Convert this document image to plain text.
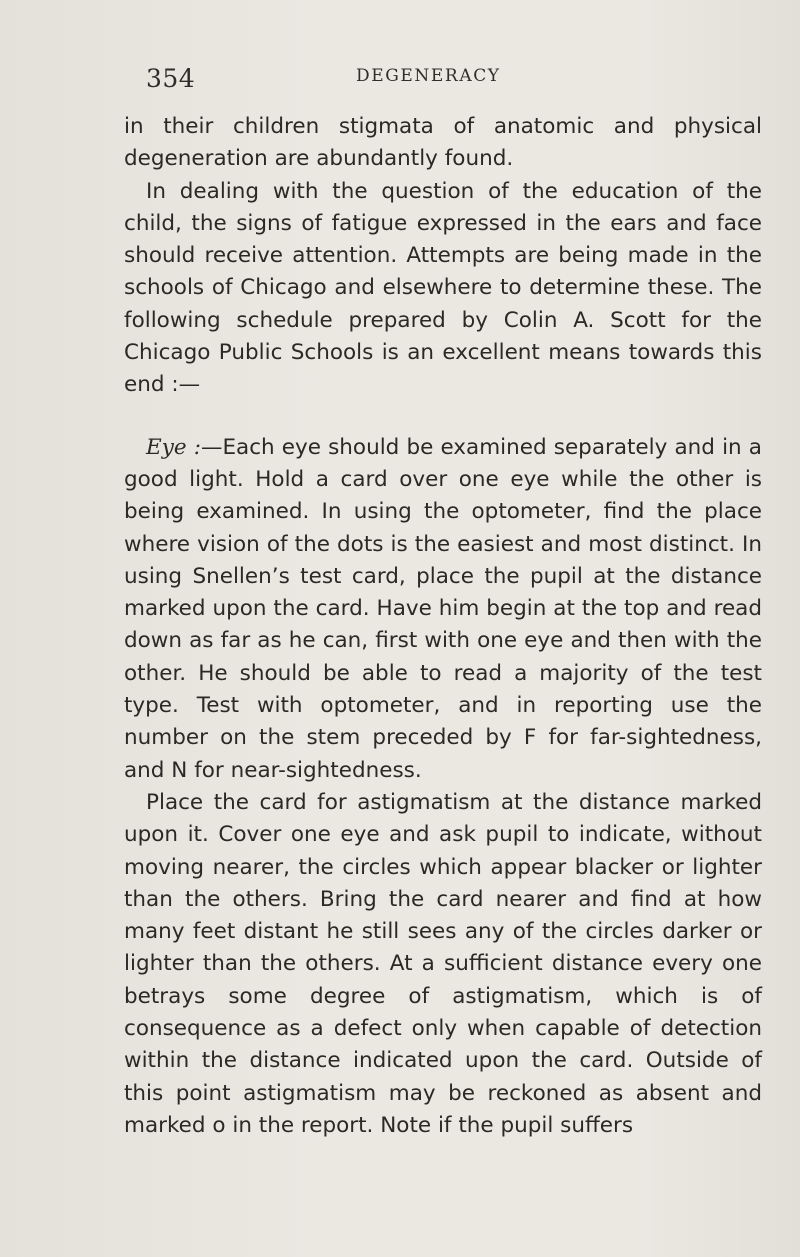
354	DEGENERACY

in their children stigmata of anatomic and physical degeneration are abundantly found.

In dealing with the question of the education of the child, the signs of fatigue expressed in the ears and face should receive attention. Attempts are being made in the schools of Chicago and elsewhere to determine these. The following schedule prepared by Colin A. Scott for the Chicago Public Schools is an excellent means towards this end :—

Eye :—Each eye should be examined separately and in a good light. Hold a card over one eye while the other is being examined. In using the optometer, find the place where vision of the dots is the easiest and most distinct. In using Snellen’s test card, place the pupil at the distance marked upon the card. Have him begin at the top and read down as far as he can, first with one eye and then with the other. He should be able to read a majority of the test type. Test with optometer, and in reporting use the number on the stem preceded by F for far-sightedness, and N for near-sightedness.

Place the card for astigmatism at the distance marked upon it. Cover one eye and ask pupil to indicate, without moving nearer, the circles which appear blacker or lighter than the others. Bring the card nearer and find at how many feet distant he still sees any of the circles darker or lighter than the others. At a sufficient distance every one betrays some degree of astigmatism, which is of consequence as a defect only when capable of detection within the distance indicated upon the card. Outside of this point astigmatism may be reckoned as absent and marked o in the report. Note if the pupil suffers
